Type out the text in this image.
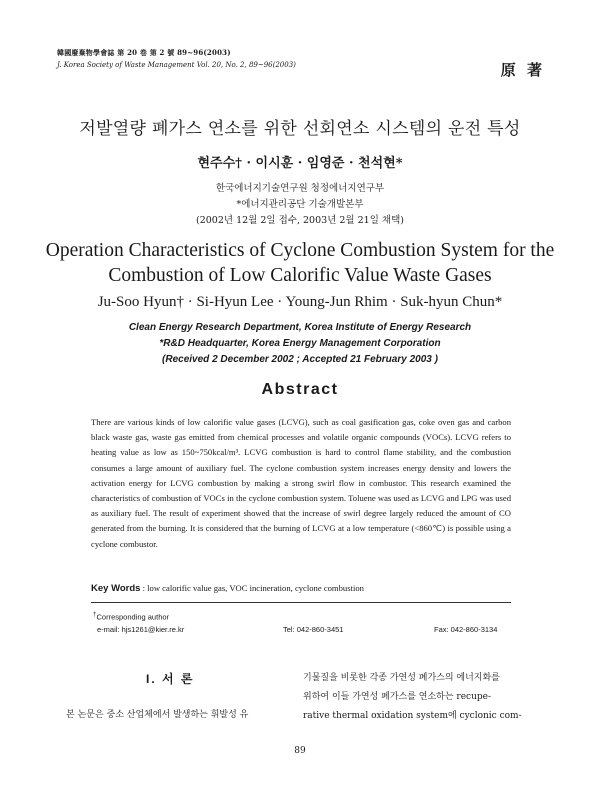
韓國廢棄物學會誌 第 20 卷 第 2 號 89~96(2003)
J. Korea Society of Waste Management Vol. 20, No. 2, 89~96(2003)	原 著
저발열량 폐가스 연소를 위한 선회연소 시스템의 운전 특성
현주수† · 이시훈 · 임영준 · 천석현*
한국에너지기술연구원 청정에너지연구부
*에너지관리공단 기술개발본부
(2002년 12월 2일 접수, 2003년 2월 21일 채택)
Operation Characteristics of Cyclone Combustion System for the
Combustion of Low Calorific Value Waste Gases
Ju-Soo Hyun† · Si-Hyun Lee · Young-Jun Rhim · Suk-hyun Chun*
Clean Energy Research Department, Korea Institute of Energy Research
*R&D Headquarter, Korea Energy Management Corporation
(Received 2 December 2002 ; Accepted 21 February 2003 )
Abstract
There are various kinds of low calorific value gases (LCVG), such as coal gasification gas, coke oven gas and carbon black waste gas, waste gas emitted from chemical processes and volatile organic compounds (VOCs). LCVG refers to heating value as low as 150~750kcal/m³. LCVG combustion is hard to control flame stability, and the combustion consumes a large amount of auxiliary fuel. The cyclone combustion system increases energy density and lowers the activation energy for LCVG combustion by making a strong swirl flow in combustor. This research examined the characteristics of combustion of VOCs in the cyclone combustion system. Toluene was used as LCVG and LPG was used as auxiliary fuel. The result of experiment showed that the increase of swirl degree largely reduced the amount of CO generated from the burning. It is considered that the burning of LCVG at a low temperature (<860℃) is possible using a cyclone combustor.
Key Words : low calorific value gas, VOC incineration, cyclone combustion
†Corresponding author
e-mail: hjs1261@kier.re.kr	Tel: 042-860-3451	Fax: 042-860-3134
I. 서 론
본 논문은 중소 산업체에서 발생하는 휘발성 유
기물질을 비롯한 각종 가연성 폐가스의 에너지화를
위하여 이들 가연성 폐가스를 연소하는 recupe-
rative thermal oxidation system에 cyclonic com-
89
